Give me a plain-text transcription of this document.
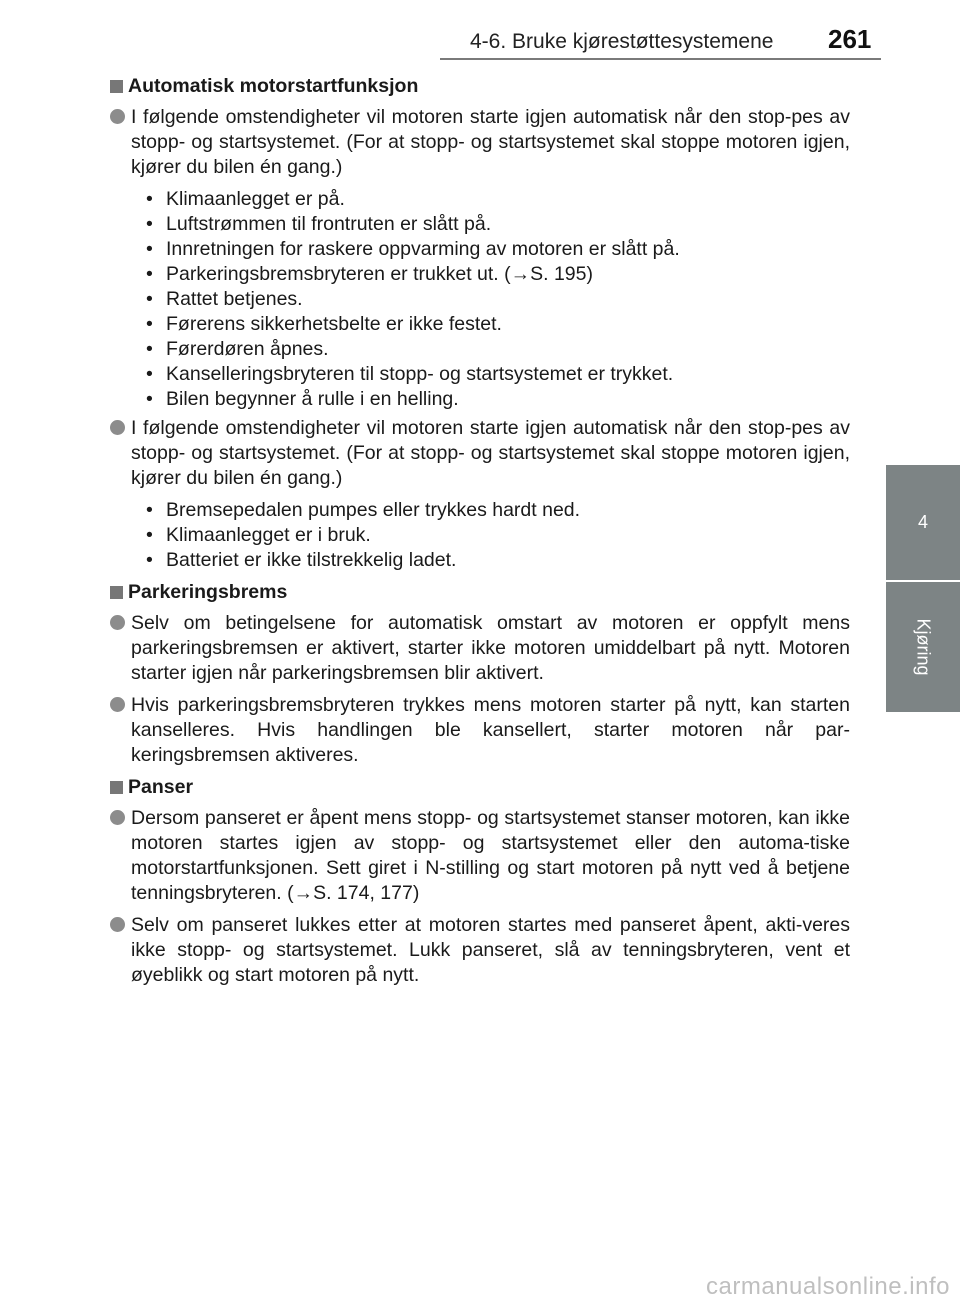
4-6. Bruke kjørestøttesystemene 261
4
Kjøring
Automatisk motorstartfunksjon
I følgende omstendigheter vil motoren starte igjen automatisk når den stop-pes av stopp- og startsystemet. (For at stopp- og startsystemet skal stoppe motoren igjen, kjører du bilen én gang.)
• Klimaanlegget er på.
• Luftstrømmen til frontruten er slått på.
• Innretningen for raskere oppvarming av motoren er slått på.
• Parkeringsbremsbryteren er trukket ut. (→S. 195)
• Rattet betjenes.
• Førerens sikkerhetsbelte er ikke festet.
• Førerdøren åpnes.
• Kanselleringsbryteren til stopp- og startsystemet er trykket.
• Bilen begynner å rulle i en helling.
I følgende omstendigheter vil motoren starte igjen automatisk når den stop-pes av stopp- og startsystemet. (For at stopp- og startsystemet skal stoppe motoren igjen, kjører du bilen én gang.)
• Bremsepedalen pumpes eller trykkes hardt ned.
• Klimaanlegget er i bruk.
• Batteriet er ikke tilstrekkelig ladet.
Parkeringsbrems
Selv om betingelsene for automatisk omstart av motoren er oppfylt mens parkeringsbremsen er aktivert, starter ikke motoren umiddelbart på nytt. Motoren starter igjen når parkeringsbremsen blir aktivert.
Hvis parkeringsbremsbryteren trykkes mens motoren starter på nytt, kan starten kanselleres. Hvis handlingen ble kansellert, starter motoren når par-keringsbremsen aktiveres.
Panser
Dersom panseret er åpent mens stopp- og startsystemet stanser motoren, kan ikke motoren startes igjen av stopp- og startsystemet eller den automa-tiske motorstartfunksjonen. Sett giret i N-stilling og start motoren på nytt ved å betjene tenningsbryteren. (→S. 174, 177)
Selv om panseret lukkes etter at motoren startes med panseret åpent, akti-veres ikke stopp- og startsystemet. Lukk panseret, slå av tenningsbryteren, vent et øyeblikk og start motoren på nytt.
carmanualsonline.info
